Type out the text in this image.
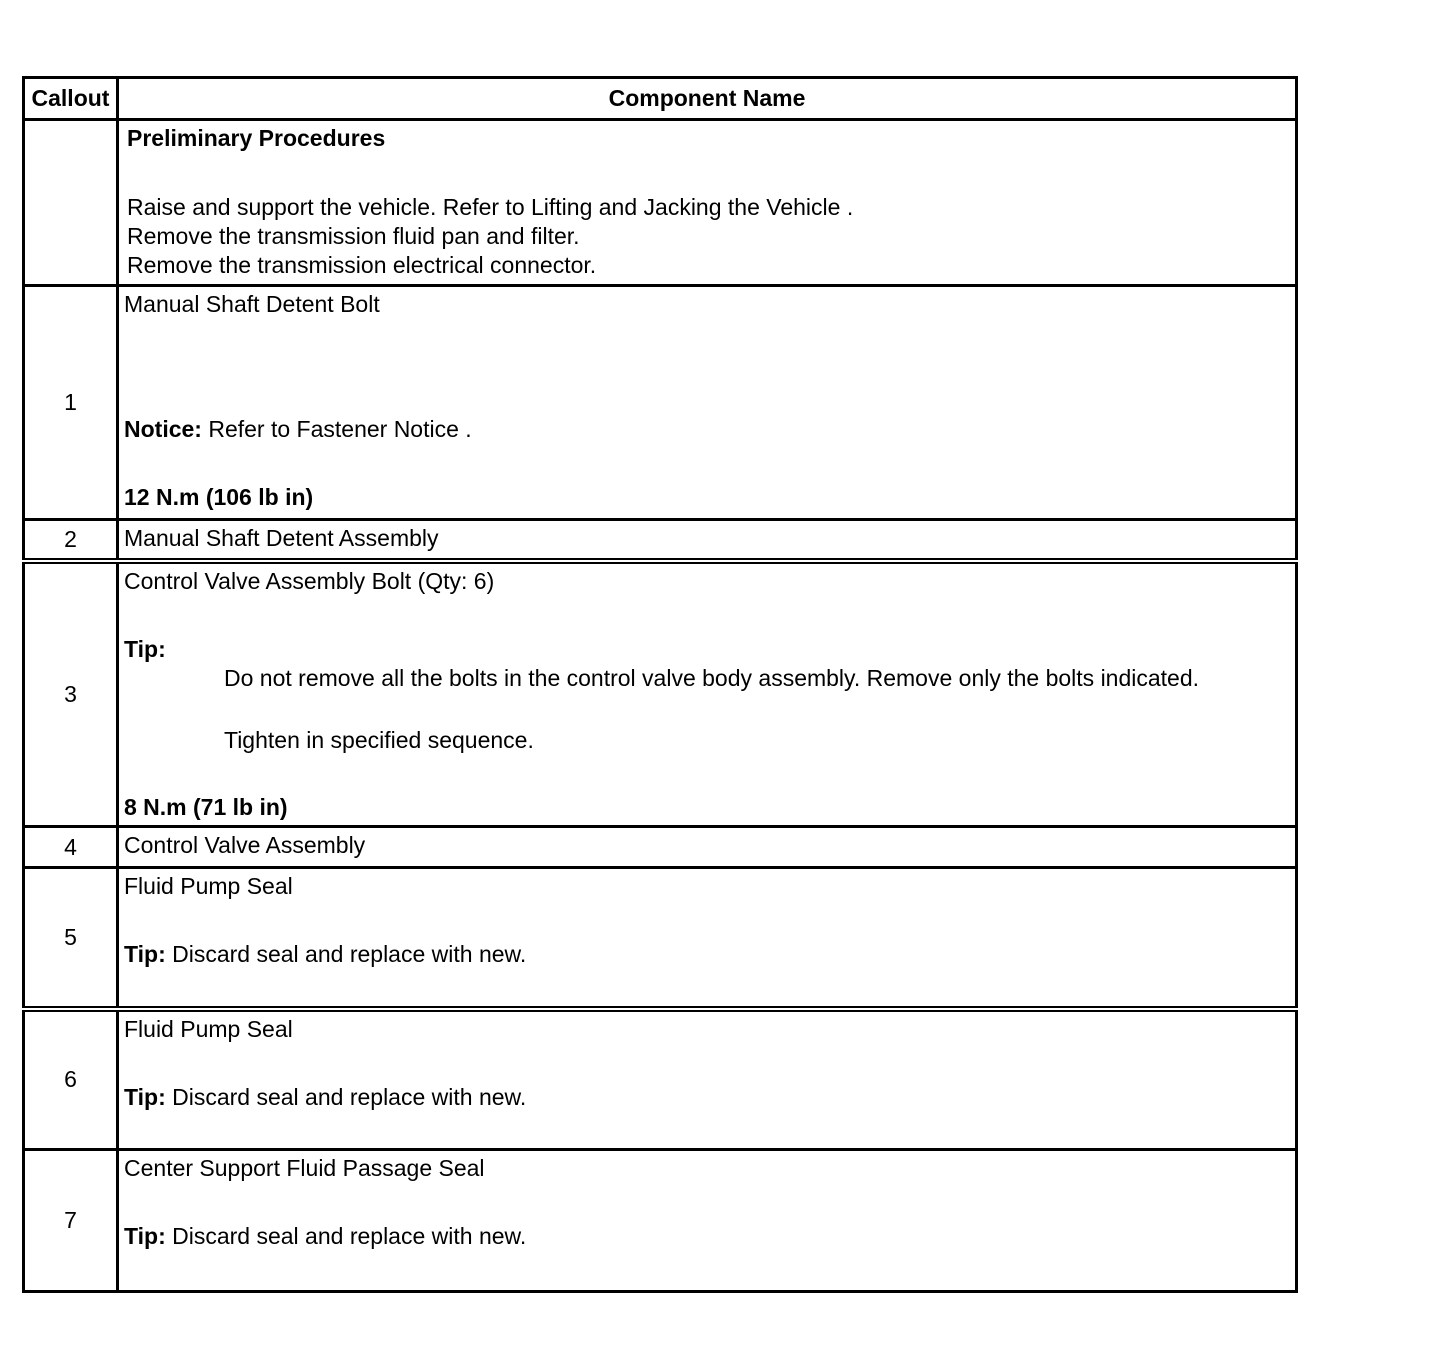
Callout	Component Name

	Preliminary Procedures
Raise and support the vehicle. Refer to Lifting and Jacking the Vehicle .
Remove the transmission fluid pan and filter.
Remove the transmission electrical connector.

1	Manual Shaft Detent Bolt
Notice: Refer to Fastener Notice .
12 N.m (106 lb in)

2	Manual Shaft Detent Assembly

3	Control Valve Assembly Bolt (Qty: 6)
Tip:
Do not remove all the bolts in the control valve body assembly. Remove only the bolts indicated.
Tighten in specified sequence.
8 N.m (71 lb in)

4	Control Valve Assembly

5	Fluid Pump Seal
Tip: Discard seal and replace with new.

6	Fluid Pump Seal
Tip: Discard seal and replace with new.

7	Center Support Fluid Passage Seal
Tip: Discard seal and replace with new.
